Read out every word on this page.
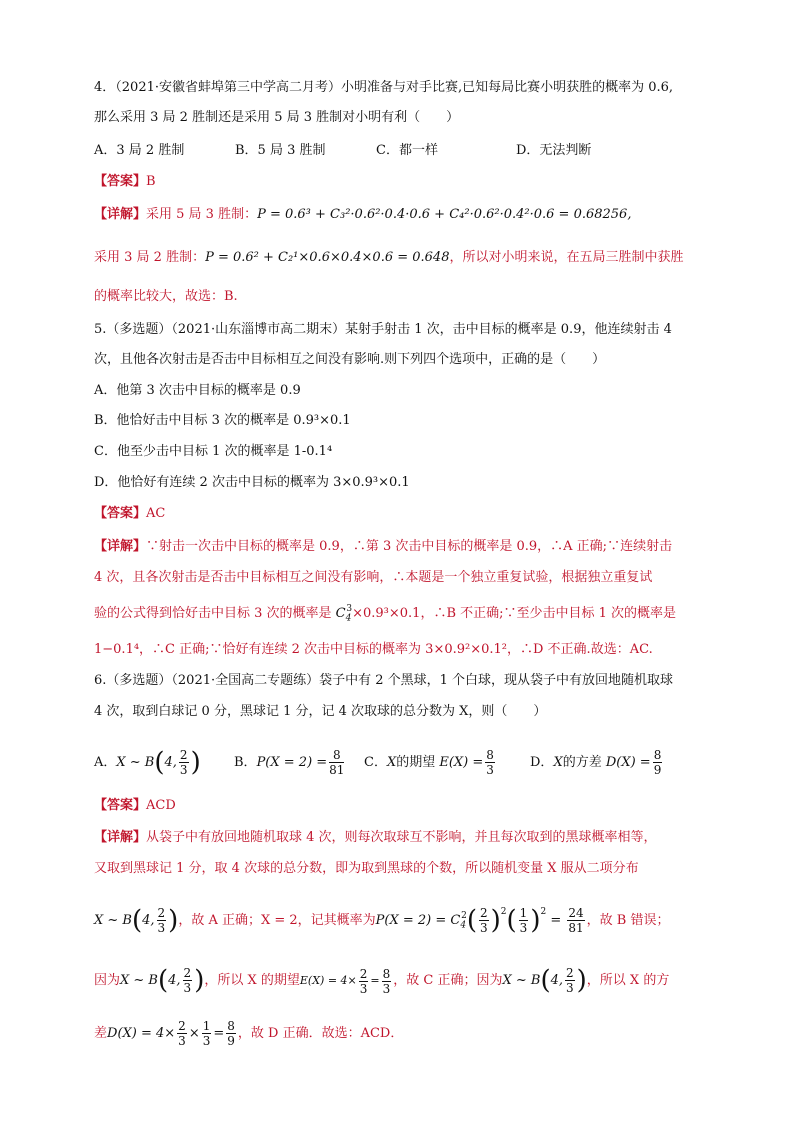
4．（2021·安徽省蚌埠第三中学高二月考）小明准备与对手比赛,已知每局比赛小明获胜的概率为 0.6,
那么采用 3 局 2 胜制还是采用 5 局 3 胜制对小明有利（　　）
A．3 局 2 胜制	B．5 局 3 胜制	C．都一样	D．无法判断
【答案】B
【详解】采用 5 局 3 胜制：P = 0.6³ + C₃²·0.6²·0.4·0.6 + C₄²·0.6²·0.4²·0.6 = 0.68256,
采用 3 局 2 胜制：P = 0.6² + C₂¹×0.6×0.4×0.6 = 0.648，所以对小明来说，在五局三胜制中获胜
的概率比较大，故选：B.
5.（多选题）（2021·山东淄博市高二期末）某射手射击 1 次，击中目标的概率是 0.9，他连续射击 4
次，且他各次射击是否击中目标相互之间没有影响.则下列四个选项中，正确的是（　　）
A．他第 3 次击中目标的概率是 0.9
B．他恰好击中目标 3 次的概率是 0.9³×0.1
C．他至少击中目标 1 次的概率是 1-0.1⁴
D．他恰好有连续 2 次击中目标的概率为 3×0.9³×0.1
【答案】AC
【详解】∵射击一次击中目标的概率是 0.9，∴第 3 次击中目标的概率是 0.9，∴A 正确;∵连续射击
4 次，且各次射击是否击中目标相互之间没有影响，∴本题是一个独立重复试验，根据独立重复试
验的公式得到恰好击中目标 3 次的概率是 $C_4^3\times 0.9^3\times 0.1$，∴B 不正确;∵至少击中目标 1 次的概率是
1−0.1⁴，∴C 正确;∵恰好有连续 2 次击中目标的概率为 3×0.9²×0.1²，∴D 不正确.故选：AC.
6.（多选题）（2021·全国高二专题练）袋子中有 2 个黑球，1 个白球，现从袋子中有放回地随机取球
4 次，取到白球记 0 分，黑球记 1 分，记 4 次取球的总分数为 X，则（　　）
A．X ~ B(4, $\frac{2}{3}$ )	B．$P(X = 2) = \frac{8}{81}$ C．X的期望 $E(X) = \frac{8}{3}$	D．X的方差 $D(X) = \frac{8}{9}$
【答案】ACD
【详解】从袋子中有放回地随机取球 4 次，则每次取球互不影响，并且每次取到的黑球概率相等，
又取到黑球记 1 分，取 4 次球的总分数，即为取到黑球的个数，所以随机变量 X 服从二项分布
X ~ B(4, $\frac{2}{3}$ )，故 A 正确；X = 2，记其概率为$P(X = 2) = C_4^2( \frac{2}{3} )^2( \frac{1}{3} )^2 = \frac{24}{81}$ ，故 B 错误；
因为X ~ B(4, $\frac{2}{3}$ )，所以 X 的期望$E(X) = 4\times \frac{2}{3} = \frac{8}{3}$ ，故 C 正确；因为X ~ B(4, $\frac{2}{3}$ )，所以 X 的方
差$D(X) = 4\times \frac{2}{3} \times \frac{1}{3} = \frac{8}{9}$ ，故 D 正确．故选：ACD．
